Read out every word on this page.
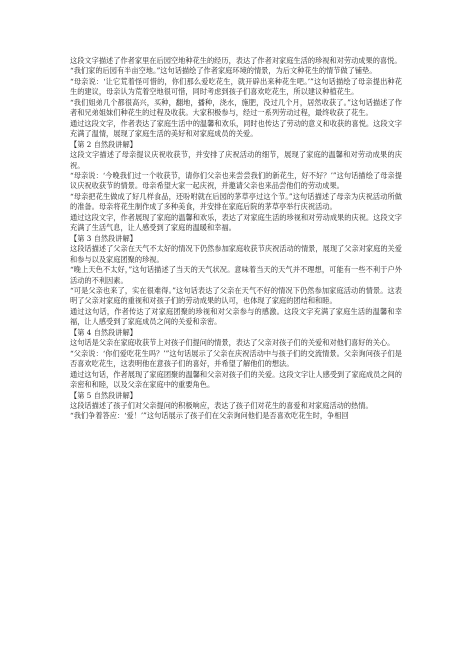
这段文字描述了作者家里在后园空地种花生的经历，表达了作者对家庭生活的珍视和对劳动成果的喜悦。

“我们家的后园有半亩空地。”这句话描绘了作者家庭环境的情景，为后文种花生的情节做了铺垫。

“母亲说：‘让它荒着怪可惜的，你们那么爱吃花生，就开辟出来种花生吧。’”这句话描绘了母亲提出种花生的建议，母亲认为荒着空地很可惜，同时考虑到孩子们喜欢吃花生，所以建议种植花生。

“我们姐弟几个都很高兴，买种，翻地，播种，浇水，施肥，没过几个月，居然收获了。”这句话描述了作者和兄弟姐妹们种花生的过程及收获。大家积极参与，经过一系列劳动过程，最终收获了花生。

通过这段文字，作者表达了家庭生活中的温馨和欢乐，同时也传达了劳动的意义和收获的喜悦。这段文字充满了温情，展现了家庭生活的美好和对家庭成员的关爱。

【第 2 自然段讲解】

这段文字描述了母亲提议庆祝收获节，并安排了庆祝活动的细节，展现了家庭的温馨和对劳动成果的庆祝。

“母亲说：‘今晚我们过一个收获节，请你们父亲也来尝尝我们的新花生，好不好？’”这句话描绘了母亲提议庆祝收获节的情景。母亲希望大家一起庆祝，并邀请父亲也来品尝他们的劳动成果。

“母亲把花生做成了好几样食品，还吩咐就在后园的茅草亭过这个节。”这句话描述了母亲为庆祝活动所做的准备。母亲将花生制作成了多种美食，并安排在家庭后院的茅草亭举行庆祝活动。

通过这段文字，作者展现了家庭的温馨和欢乐，表达了对家庭生活的珍视和对劳动成果的庆祝。这段文字充满了生活气息，让人感受到了家庭的温暖和幸福。

【第 3 自然段讲解】

这段话描述了父亲在天气不太好的情况下仍然参加家庭收获节庆祝活动的情景，展现了父亲对家庭的关爱和参与以及家庭团聚的珍视。

“晚上天色不太好，”这句话描述了当天的天气状况。意味着当天的天气并不理想，可能有一些不利于户外活动的不利因素。

“可是父亲也来了，实在很难得。”这句话表达了父亲在天气不好的情况下仍然参加家庭活动的情景。这表明了父亲对家庭的重视和对孩子们的劳动成果的认可，也体现了家庭的团结和和睦。

通过这句话，作者传达了对家庭团聚的珍视和对父亲参与的感激。这段文字充满了家庭生活的温馨和幸福，让人感受到了家庭成员之间的关爱和亲密。

【第 4 自然段讲解】

这句话是父亲在家庭收获节上对孩子们提问的情景，表达了父亲对孩子们的关爱和对他们喜好的关心。

“父亲说：‘你们爱吃花生吗？’”这句话展示了父亲在庆祝活动中与孩子们的交流情景。父亲询问孩子们是否喜欢吃花生，这表明他在意孩子们的喜好，并希望了解他们的想法。

通过这句话，作者展现了家庭团聚的温馨和父亲对孩子们的关爱。这段文字让人感受到了家庭成员之间的亲密和和睦，以及父亲在家庭中的重要角色。

【第 5 自然段讲解】

这段话描述了孩子们对父亲提问的积极响应，表达了孩子们对花生的喜爱和对家庭活动的热情。

“我们争着答应：‘爱！’”这句话展示了孩子们在父亲询问他们是否喜欢吃花生时，争相回
